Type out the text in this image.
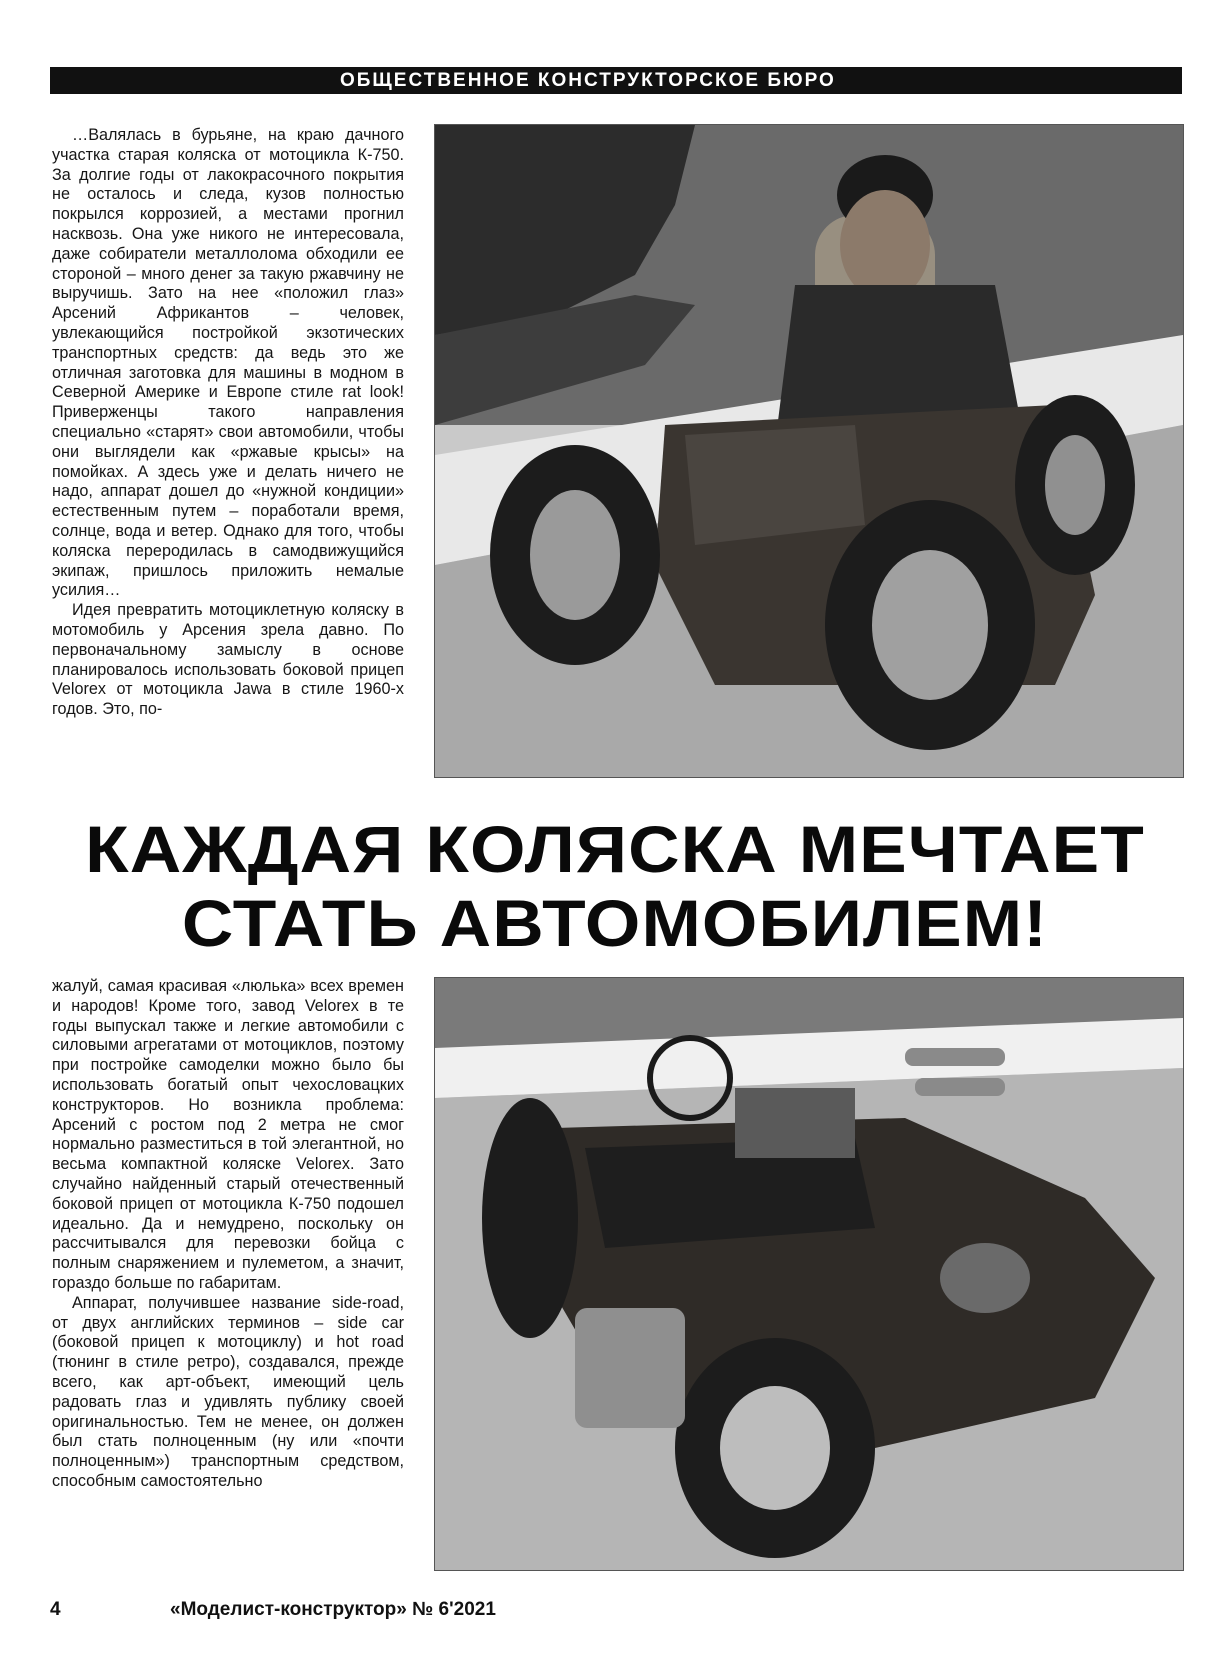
ОБЩЕСТВЕННОЕ КОНСТРУКТОРСКОЕ БЮРО

…Валялась в бурьяне, на краю дачного участка старая коляска от мотоцикла К-750. За долгие годы от лакокрасочного покрытия не осталось и следа, кузов полностью покрылся коррозией, а местами прогнил насквозь. Она уже никого не интересовала, даже собиратели металлолома обходили ее стороной – много денег за такую ржавчину не выручишь. Зато на нее «положил глаз» Арсений Африкантов – человек, увлекающийся постройкой экзотических транспортных средств: да ведь это же отличная заготовка для машины в модном в Северной Америке и Европе стиле rat look! Приверженцы такого направления специально «старят» свои автомобили, чтобы они выглядели как «ржавые крысы» на помойках. А здесь уже и делать ничего не надо, аппарат дошел до «нужной кондиции» естественным путем – поработали время, солнце, вода и ветер. Однако для того, чтобы коляска переродилась в самодвижущийся экипаж, пришлось приложить немалые усилия…

Идея превратить мотоциклетную коляску в мотомобиль у Арсения зрела давно. По первоначальному замыслу в основе планировалось использовать боковой прицеп Velorex от мотоцикла Jawa в стиле 1960-х годов. Это, по-

КАЖДАЯ КОЛЯСКА МЕЧТАЕТ
СТАТЬ АВТОМОБИЛЕМ!

жалуй, самая красивая «люлька» всех времен и народов! Кроме того, завод Velorex в те годы выпускал также и легкие автомобили с силовыми агрегатами от мотоциклов, поэтому при постройке самоделки можно было бы использовать богатый опыт чехословацких конструкторов. Но возникла проблема: Арсений с ростом под 2 метра не смог нормально разместиться в той элегантной, но весьма компактной коляске Velorex. Зато случайно найденный старый отечественный боковой прицеп от мотоцикла К-750 подошел идеально. Да и немудрено, поскольку он рассчитывался для перевозки бойца с полным снаряжением и пулеметом, а значит, гораздо больше по габаритам.

Аппарат, получившее название side-road, от двух английских терминов – side car (боковой прицеп к мотоциклу) и hot road (тюнинг в стиле ретро), создавался, прежде всего, как арт-объект, имеющий цель радовать глаз и удивлять публику своей оригинальностью. Тем не менее, он должен был стать полноценным (ну или «почти полноценным») транспортным средством, способным самостоятельно

4	«Моделист-конструктор» № 6'2021
